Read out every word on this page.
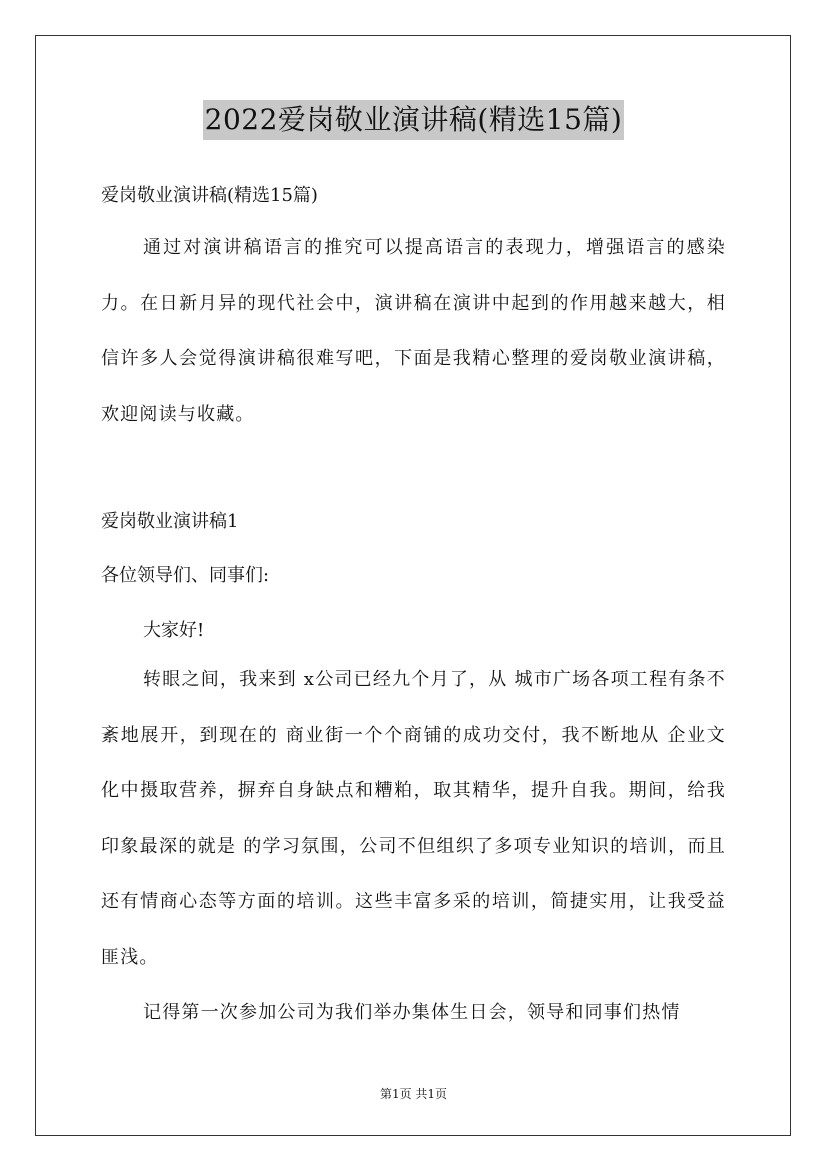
2022爱岗敬业演讲稿(精选15篇)
爱岗敬业演讲稿(精选15篇)

通过对演讲稿语言的推究可以提高语言的表现力，增强语言的感染力。在日新月异的现代社会中，演讲稿在演讲中起到的作用越来越大，相信许多人会觉得演讲稿很难写吧，下面是我精心整理的爱岗敬业演讲稿，欢迎阅读与收藏。

爱岗敬业演讲稿1
各位领导们、同事们:
大家好!

转眼之间，我来到 x公司已经九个月了，从 城市广场各项工程有条不紊地展开，到现在的 商业街一个个商铺的成功交付，我不断地从 企业文化中摄取营养，摒弃自身缺点和糟粕，取其精华，提升自我。期间，给我印象最深的就是 的学习氛围，公司不但组织了多项专业知识的培训，而且还有情商心态等方面的培训。这些丰富多采的培训，简捷实用，让我受益匪浅。

记得第一次参加公司为我们举办集体生日会，领导和同事们热情

第1页 共1页
